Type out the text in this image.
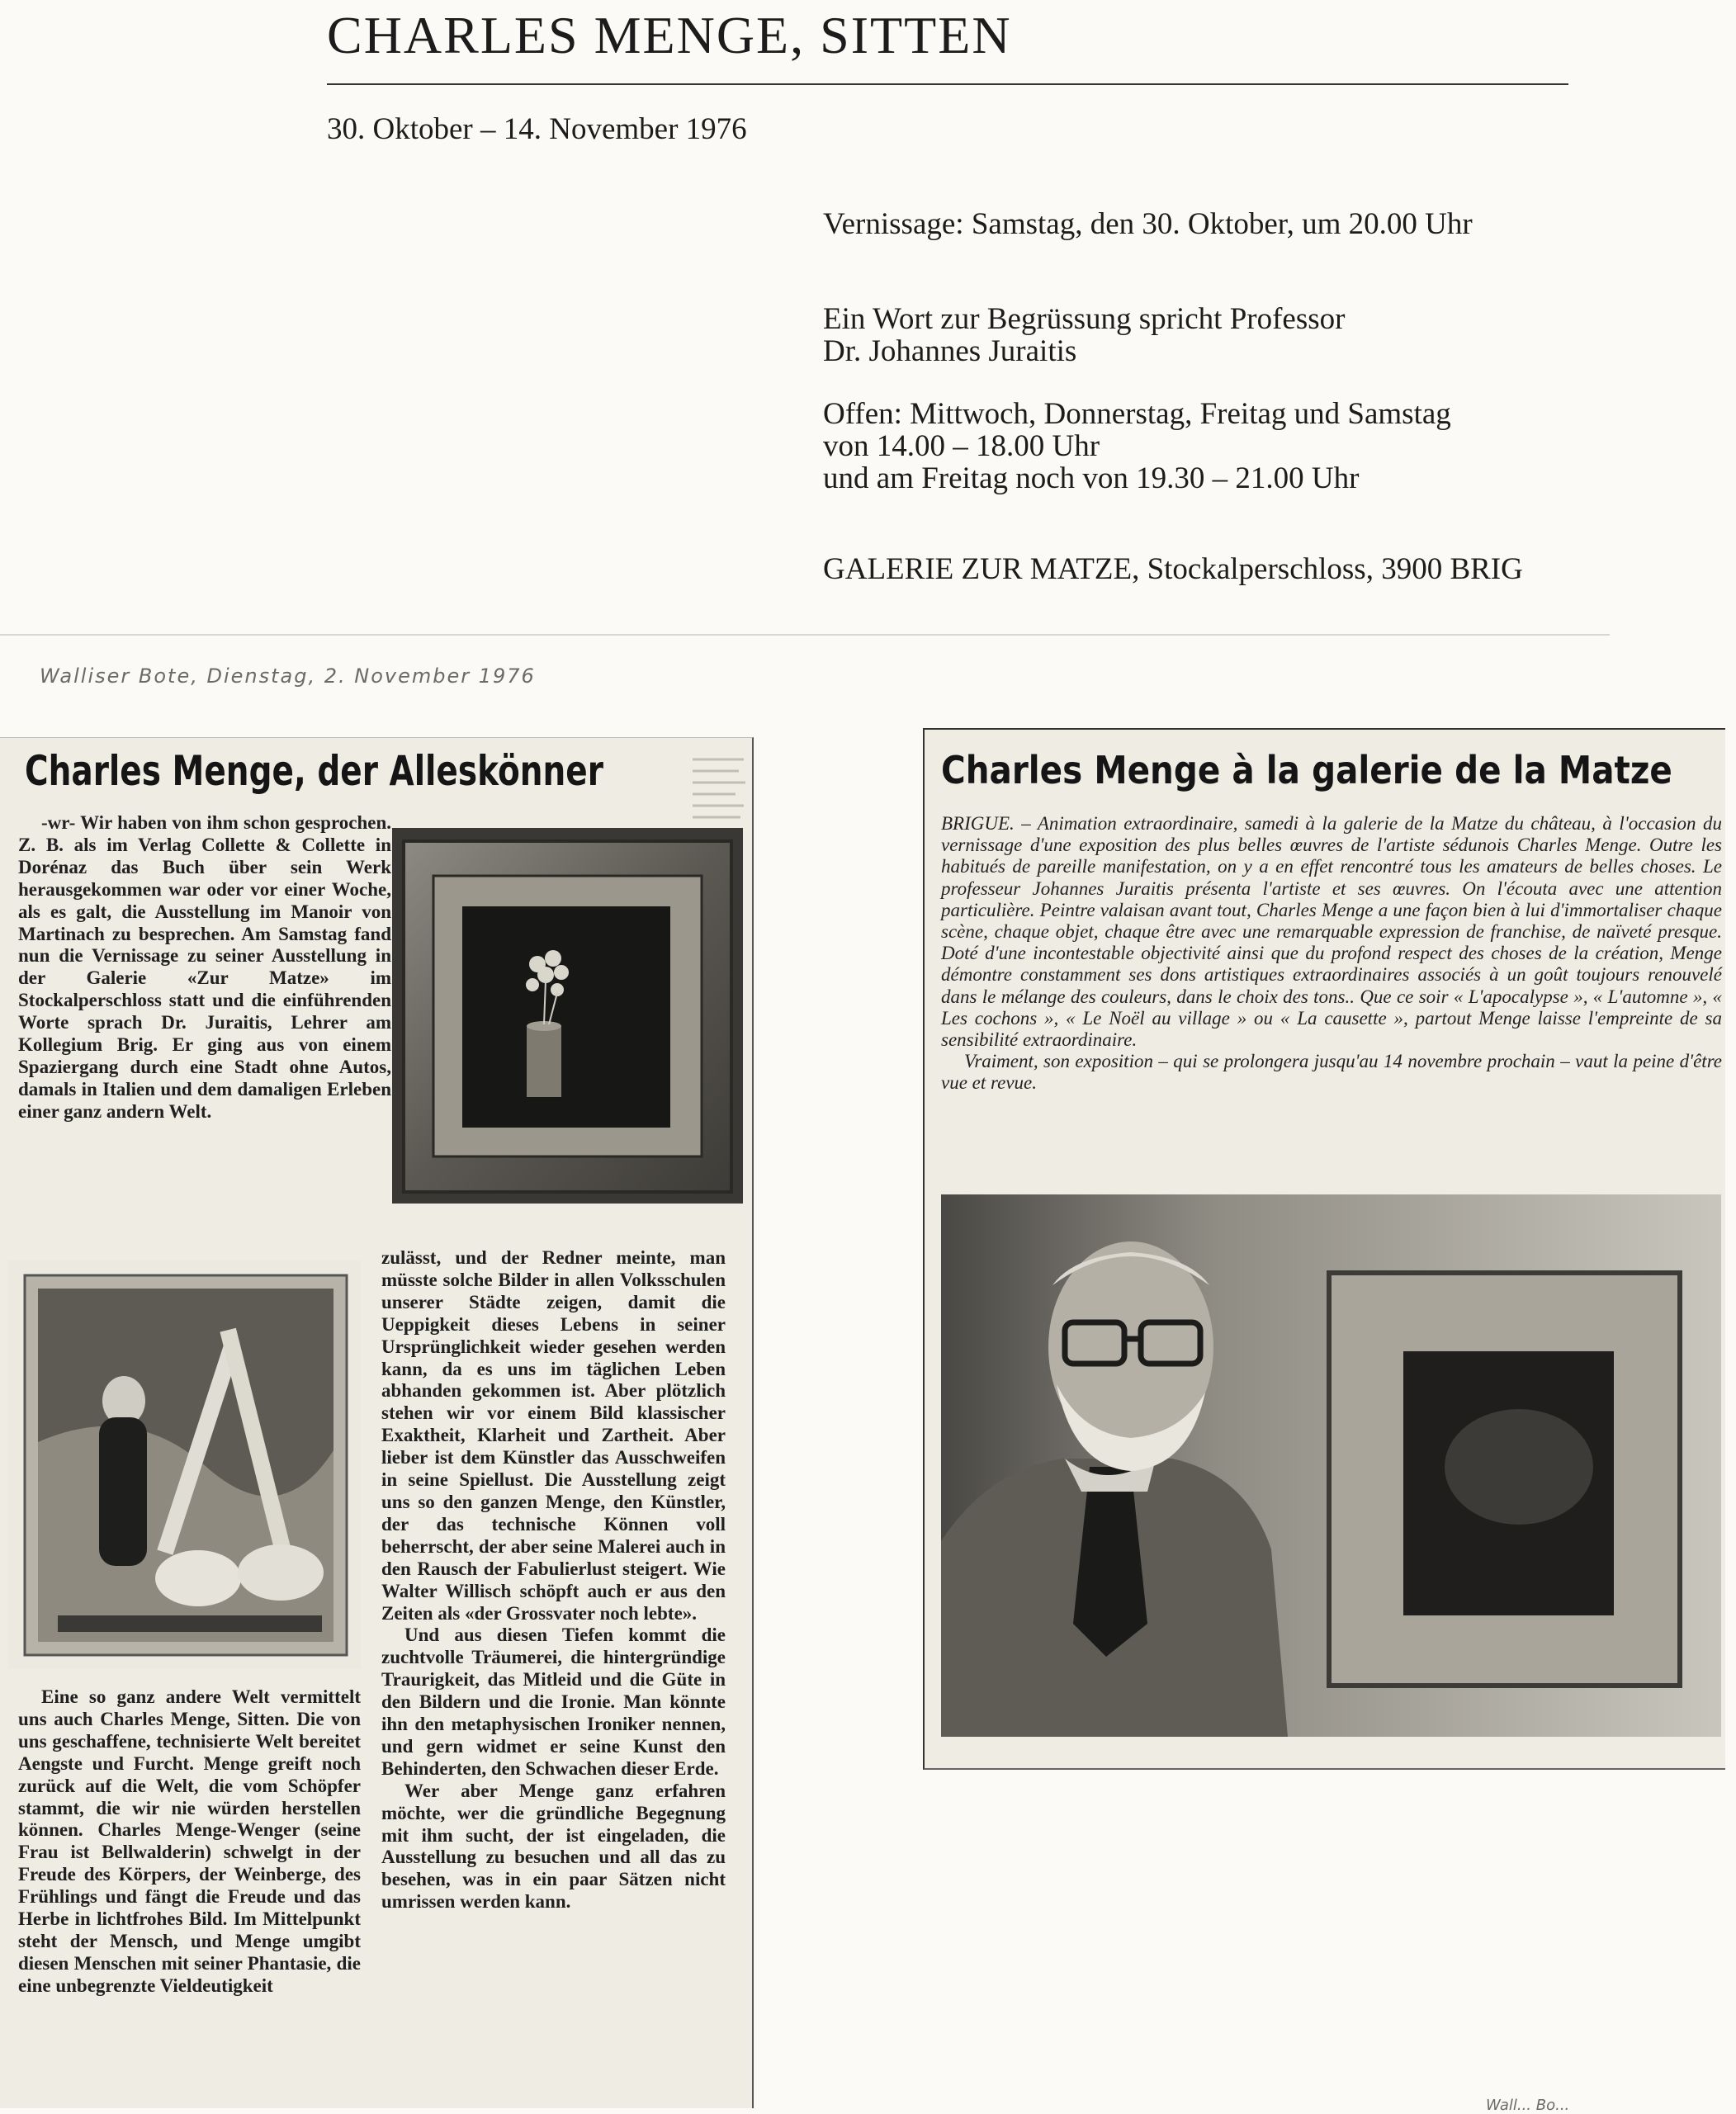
CHARLES MENGE, SITTEN
30. Oktober – 14. November 1976
Vernissage: Samstag, den 30. Oktober, um 20.00 Uhr
Ein Wort zur Begrüssung spricht Professor
Dr. Johannes Juraitis
Offen: Mittwoch, Donnerstag, Freitag und Samstag
von 14.00 – 18.00 Uhr
und am Freitag noch von 19.30 – 21.00 Uhr
GALERIE ZUR MATZE, Stockalperschloss, 3900 BRIG
Walliser Bote, Dienstag, 2. November 1976
Wall... Bo...
Charles Menge, der Alleskönner

-wr- Wir haben von ihm schon gesprochen. Z. B. als im Verlag Collette & Collette in Dorénaz das Buch über sein Werk herausgekommen war oder vor einer Woche, als es galt, die Ausstellung im Manoir von Martinach zu besprechen. Am Samstag fand nun die Vernissage zu seiner Ausstellung in der Galerie «Zur Matze» im Stockalperschloss statt und die einführenden Worte sprach Dr. Juraitis, Lehrer am Kollegium Brig. Er ging aus von einem Spaziergang durch eine Stadt ohne Autos, damals in Italien und dem damaligen Erleben einer ganz andern Welt.

Eine so ganz andere Welt vermittelt uns auch Charles Menge, Sitten. Die von uns geschaffene, technisierte Welt bereitet Aengste und Furcht. Menge greift noch zurück auf die Welt, die vom Schöpfer stammt, die wir nie würden herstellen können. Charles Menge-Wenger (seine Frau ist Bellwalderin) schwelgt in der Freude des Körpers, der Weinberge, des Frühlings und fängt die Freude und das Herbe in lichtfrohes Bild. Im Mittelpunkt steht der Mensch, und Menge umgibt diesen Menschen mit seiner Phantasie, die eine unbegrenzte Vieldeutigkeit

zulässt, und der Redner meinte, man müsste solche Bilder in allen Volksschulen unserer Städte zeigen, damit die Ueppigkeit dieses Lebens in seiner Ursprünglichkeit wieder gesehen werden kann, da es uns im täglichen Leben abhanden gekommen ist. Aber plötzlich stehen wir vor einem Bild klassischer Exaktheit, Klarheit und Zartheit. Aber lieber ist dem Künstler das Ausschweifen in seine Spiellust. Die Ausstellung zeigt uns so den ganzen Menge, den Künstler, der das technische Können voll beherrscht, der aber seine Malerei auch in den Rausch der Fabulierlust steigert. Wie Walter Willisch schöpft auch er aus den Zeiten als «der Grossvater noch lebte».

Und aus diesen Tiefen kommt die zuchtvolle Träumerei, die hintergründige Traurigkeit, das Mitleid und die Güte in den Bildern und die Ironie. Man könnte ihn den metaphysischen Ironiker nennen, und gern widmet er seine Kunst den Behinderten, den Schwachen dieser Erde.

Wer aber Menge ganz erfahren möchte, wer die gründliche Begegnung mit ihm sucht, der ist eingeladen, die Ausstellung zu besuchen und all das zu besehen, was in ein paar Sätzen nicht umrissen werden kann.

Charles Menge à la galerie de la Matze

BRIGUE. – Animation extraordinaire, samedi à la galerie de la Matze du château, à l'occasion du vernissage d'une exposition des plus belles œuvres de l'artiste sédunois Charles Menge. Outre les habitués de pareille manifestation, on y a en effet rencontré tous les amateurs de belles choses. Le professeur Johannes Juraitis présenta l'artiste et ses œuvres. On l'écouta avec une attention particulière. Peintre valaisan avant tout, Charles Menge a une façon bien à lui d'immortaliser chaque scène, chaque objet, chaque être avec une remarquable expression de franchise, de naïveté presque. Doté d'une incontestable objectivité ainsi que du profond respect des choses de la création, Menge démontre constamment ses dons artistiques extraordinaires associés à un goût toujours renouvelé dans le mélange des couleurs, dans le choix des tons.. Que ce soir « L'apocalypse », « L'automne », « Les cochons », « Le Noël au village » ou « La causette », partout Menge laisse l'empreinte de sa sensibilité extraordinaire.

Vraiment, son exposition – qui se prolongera jusqu'au 14 novembre prochain – vaut la peine d'être vue et revue.
